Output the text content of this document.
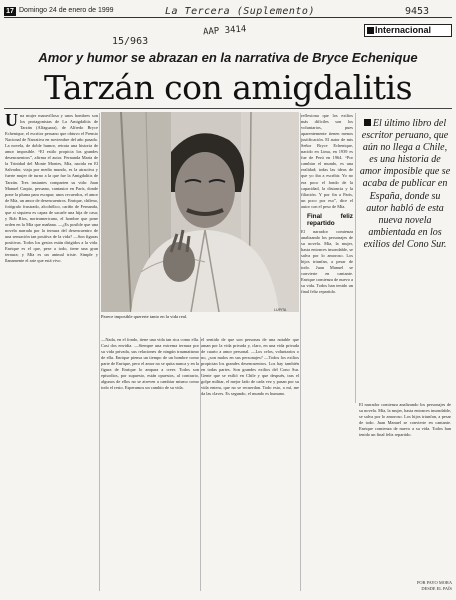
17 Domingo 24 de enero de 1999	La Tercera (Suplemento)	9453
15/963
AAP 3414	Internacional
Amor y humor se abrazan en la narrativa de Bryce Echenique
Tarzán con amigdalitis
Una mujer maravillosa y unos hombres son los protagonistas de La Amigdalitis de Tarzán (Alfaguara), de Alfredo Bryce Echenique, el escritor peruano que obtuvo el Premio Nacional de Narrativa en noviembre del año pasado. La novela, de doble humor, retrata una historia de amor imposible. “El estilo propicia los grandes desencuentros”, afirma el autor. Fernanda María de la Trinidad del Monte Montes, Mía, nacida en El Salvador, viaja por medio mundo, es la atractiva y fuerte mujer de turno a la que fue la Amigdalitis de Tarzán. Tres instantes comparten su vida: Juan Manuel Carpio, peruano, cantautor en París, donde pone la pluma para escapar; unos recuerdos, el amor de Mía, un amor de desencuentros. Enrique, chileno, fotógrafo frustrado, alcohólico, cariño de Fernanda, que si siquiera es capaz de sacarle una hija de casa; y Bob Ríos, norteamericano, el hombre que pone orden en la Mía que mañana. —¿Es posible que una novela narrada por la ternura del desencuentro de una sensación tan positiva de la vida? —Son figuras positivas. Todos los gestos están dirigidos a la vida. Enrique es el que, pese a todo, tiene una gran ternura; y Mía es un animal triste. Simple y llanamente el arte que está vivo.
LUPITA
Parece imposible quererte tanto en la vida real.
—Nada, en el fondo, tiene una vida tan rica como ella. Casi dos envidia. —Siempre una extrema ternura por su vida privada, sus relaciones de ningún traumatismo de ella. Enrique piensa un tiempo de un hombre como parte de Enrique, pero el amor no se quita nunca y en la figura de Enrique lo ampara a creer. Todos son episodios, por supuesto, están opuestos, al contrario, algunos de ellos no se atreven a cambiar mismo como todo el resto. Esperamos un cambio de su vida.
el sentido de que son personas de una notable que aman por la vida privada y, claro, en una vida privada de cuarto a amor personal. —Los celos, voluntarios o no, ¿son malos en sus personajes? —Todos los exilios propician los grandes desencuentros. Los hay también en todas partes. Son grandes exilios del Cono Sur. Gente que se exilió en Chile y que después, tras el golpe militar, el mejor lado de cada vez y pasan por su vida entera, que no se recuerdan. Todo esto, a mí, me da las claves. Es segundo, el mundo es humano.
reflexiona que los exilios más difíciles son los voluntarios, pues aparentemente tienen menos justificación. El autor de mis Señor Bryce Echenique, nacido en Lima, en 1939 es fue de Perú en 1964. “Por cambiar el mundo, es una realidad; todas las ideas de que yo iba a escribir. Yo no era poco el fondo de la capacidad, la distancia y la filiación. Y por fin a París, un poco por eso”, dice el autor con el peso de Mía.
Final feliz repartido
El narrador comienza analizando los personajes de su novela. Mía, la mujer, hasta entonces insondable, se salva por lo amoroso. Los hijos triunfan, a pesar de todo. Juan Manuel se convierte en cantante. Enrique comienza de nuevo a su vida. Todos han tenido un final feliz repartido.
El último libro del escritor peruano, que aún no llega a Chile, es una historia de amor imposible que se acaba de publicar en España, donde su autor habló de esta nueva novela ambientada en los exilios del Cono Sur.
El narrador comienza analizando los personajes de su novela. Mía, la mujer, hasta entonces insondable, se salva por lo amoroso. Los hijos triunfan, a pesar de todo. Juan Manuel se convierte en cantante. Enrique comienza de nuevo a su vida. Todos han tenido un final feliz repartido.
POR PAYO MORA
DESDE EL PAÍS
